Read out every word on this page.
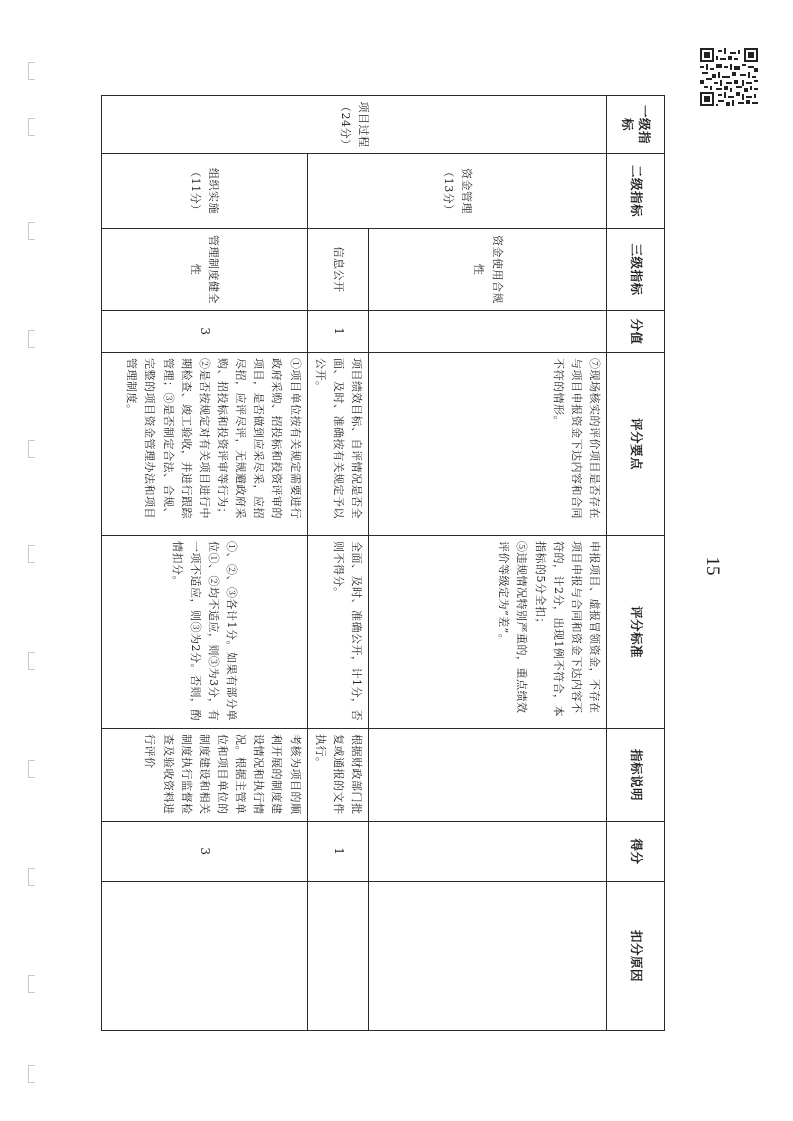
15
一级指标	二级指标	三级指标	分值	评分要点	评分标准	指标说明	得分	扣分原因
项目过程（24分）	资金管理（13分）	资金使用合规性		⑦现场核实的评价项目是否存在与项目申报资金下达内容和合同不符的情形。	申报项目、虚报冒领资金，不存在项目申报与合同和资金下达内容不符的，计2分，出现1例不符合，本指标的5分全扣；
⑤违规情况特别严重的，重点绩效评价等级定为“差”。			
		信息公开	1	项目绩效目标、自评情况是否全面、及时、准确按有关规定予以公开。	全面、及时、准确公开，计1分，否则不得分。	根据财政部门批复或通报的文件执行。	1	
	组织实施（11分）	管理制度健全性	3	①项目单位按有关规定需要进行政府采购、招投标和投资评审的项目，是否做到应采尽采，应招尽招，应评尽评，无规避政府采购、招投标和投资评审等行为；
②是否按规定对有关项目进行中期检查、竣工验收，并进行跟踪管理；③是否制定合法、合规、完整的项目资金管理办法和项目管理制度。	①、②、③各计1分。如果有部分单位①、②均不适应，则③为3分，有一项不适应，则③为2分。否则，酌情扣分。	考核为项目的顺利开展的制度建设情况和执行情况。根据主管单位和项目单位的制度建设和相关制度执行监督检查及验收资料进行评价	3	
